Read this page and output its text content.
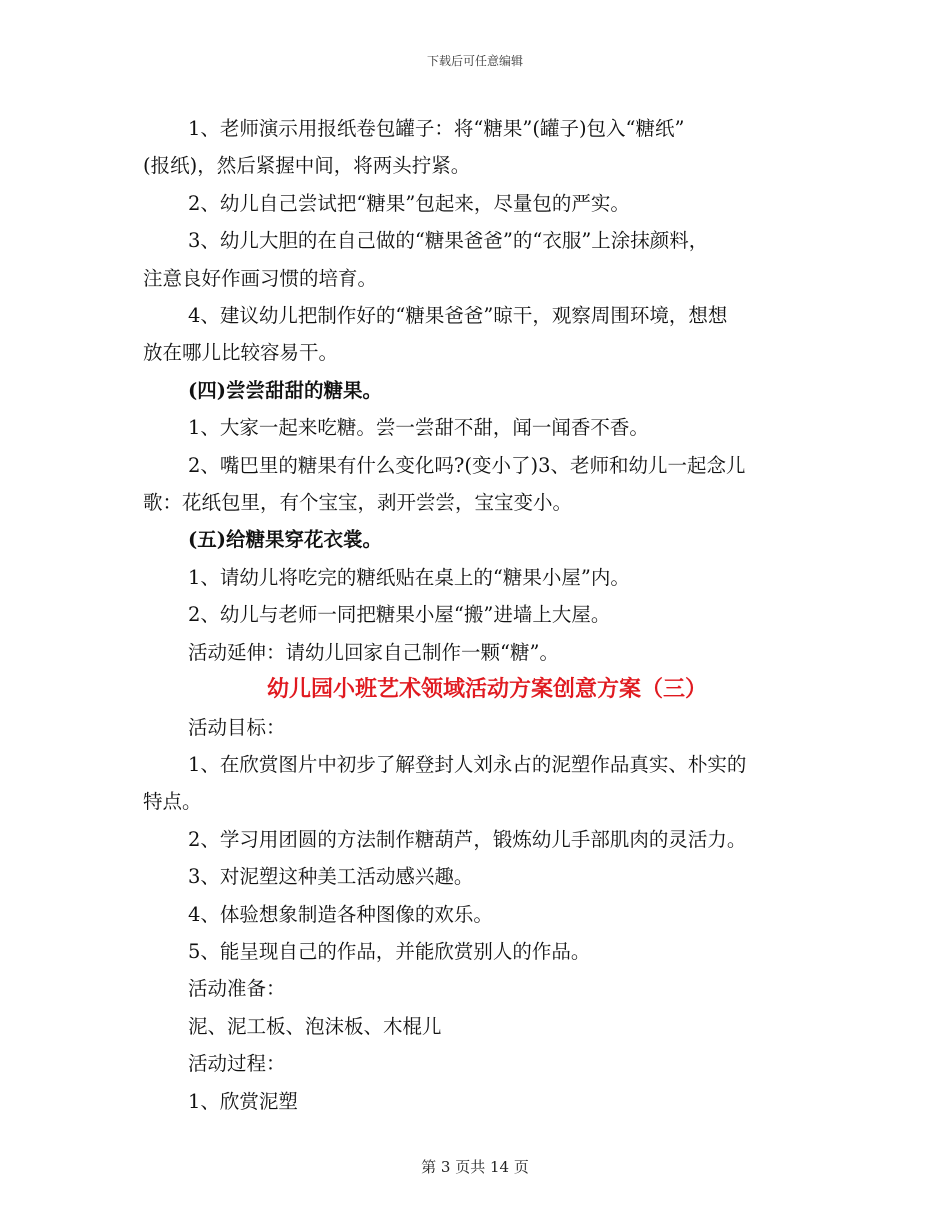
下载后可任意编辑
1、老师演示用报纸卷包罐子：将“糖果”(罐子)包入“糖纸”
(报纸)，然后紧握中间，将两头拧紧。
2、幼儿自己尝试把“糖果”包起来，尽量包的严实。
3、幼儿大胆的在自己做的“糖果爸爸”的“衣服”上涂抹颜料，
注意良好作画习惯的培育。
4、建议幼儿把制作好的“糖果爸爸”晾干，观察周围环境，想想
放在哪儿比较容易干。
(四)尝尝甜甜的糖果。
1、大家一起来吃糖。尝一尝甜不甜，闻一闻香不香。
2、嘴巴里的糖果有什么变化吗?(变小了)3、老师和幼儿一起念儿
歌：花纸包里，有个宝宝，剥开尝尝，宝宝变小。
(五)给糖果穿花衣裳。
1、请幼儿将吃完的糖纸贴在桌上的“糖果小屋”内。
2、幼儿与老师一同把糖果小屋“搬”进墙上大屋。
活动延伸：请幼儿回家自己制作一颗“糖”。
幼儿园小班艺术领域活动方案创意方案（三）
活动目标：
1、在欣赏图片中初步了解登封人刘永占的泥塑作品真实、朴实的
特点。
2、学习用团圆的方法制作糖葫芦，锻炼幼儿手部肌肉的灵活力。
3、对泥塑这种美工活动感兴趣。
4、体验想象制造各种图像的欢乐。
5、能呈现自己的作品，并能欣赏别人的作品。
活动准备：
泥、泥工板、泡沫板、木棍儿
活动过程：
1、欣赏泥塑
第 3 页共 14 页
